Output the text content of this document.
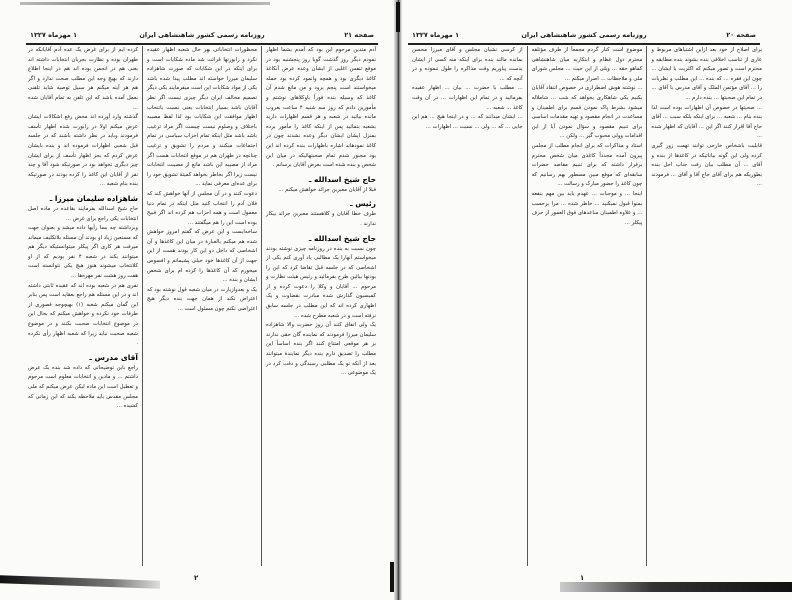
صفحه ۲۱
روزنامه رسمی کشور شاهنشاهی ایران
۱ مهرماه ۱۳۲۷

آدم متدین مرحوم این بود که آمدم بشما اظهار نمودم دیگر روز گذشت گویا روز پنجشنبه بود در موقع تنفس اغلبی از ایشان وعده عرض آنکاغذ کاغذ دیگری بود و همچه وانمود کرده بود حمله میخواستند است پنجم برود و من مانع شدم آن کاغذ که وسیله بنده فوراً باوکلاهای نوشتم و مأمورین دادم که روز سه شنبه ۴ ساعت بغروب مانده بیائید در شعبه و هر قسم اظهارات دارید بشعبه بنمائید پس از اینکه کاغذ را مأمور برده بمنزل ایشان ایشان دیگر وعده نشدند چون در کاغذ نمودهاند اشاره باظهارات بنده کرده اند این بود مجبور شدم تمام صحبتهائیکه در میان این شخص و بنده شده است بعرض آقایان برسانم .

حاج شیخ اسدالله ـ

قبلا از آقایان معبرین جرائد خواهش میکنم ...

رئیس ـ

طرف خطا آقایان و کلاهستند معبرین جرائد بیکار ندارند .

حاج شیخ اسدالله ـ

چون نسبت به بنده در روزنامه چیزی نوشته بودند میخواستم آنهارا یک مطالبی یاد آوری کنم یکی از اشخاصی که در جلسه قبل تقاضا کرد که این را بودنها بیائین طرح بفرمائید و رئیس هیئت نظارت و مرحوم ... آقایان و وکلا را دعوت کرده و از کمیسیون گذارش شده مبادرت بقضاوت و یک اظهاری کرده اند که این مطلب در جلسه سابق نرفته است و در شعبه مطرح شده ...

یک ولی اتفاق کنند آن روز حضرت والا شاهزاده سلیمان میرزا فرمودند که نماینده گان حقی ندارند بر هر موقعی امتناع کنند اگر بنده اساساً این مطلب را تصدیق دارم بنده دیگر نمایندهٔ میتوانند بعد از آنکه نو یک مطلبی رسیدگی و دقت کرد در یک موضوعی ...

محظورات انتخاباتی بهر حال شعبه اظهار عقیده نکرد و رابورتها قرائت شد ماده شکایات است و برای اینکه در این شکایات که صورت شاهزاده سلیمان میرزا خواسته اند مطلب پیدا شده باشد یکی از مواد شکایات این است میفرمایند یکی دیگر تصمیم مخالف ایران دیگر چیزی نیست اگر نظر آقایان باشد بسیار انتخابات یعنی نسبت بانتخاب اظهار موافقت این شکایات بود لذا لفظ مصیبه باختلاف و وصلوم نیست چیست اگر مراد ترغیب باشد باشد مثل اینکه تمام احزاب سیاسی در تمام اجتماعات میکنند و مردم را تشویق و ترغیب چنانچه در طهران هم در موقع انتخابات هست اگر مراد از مصیبه این باشد مانع از مصیبت انتخابات نیست زیرا اگر بخاطر بخواهد کمیتهٔ تشویق خود را برای عده‌ای معرفی نماید ...

دعوت کنند و در آن مجلس از آنها خواهش کند که فلان آدم را انتخاب کنید مثل اینکه در تمام دنیا معمول است و همه احزاب هم کرده اند اگر قبیح بوده است این را هم میگفتند ...

ساخه‌ایست و این عرض که گفتم امروز خواهش شده هم میکنم بالعبارة در میان این کاغذها و آن اشخاصی که داخل دو این کار بودند هست از این جهت از آن کاغذها خود خیلی پشیمانم و افسوس میخورم که آن کاغذها را کرده ام برای شخص ایشان و بنده ...

یک و بعدوازیارت در میان شعبه قول نوشته بود که اعتراض نکند از همان جهت بنده دیگر هیچ اعتراضی نکنم چون مسئول است ...

کرده ایم از برای غرض یک عده آدم آقایانکه در طهران بوده و نظارت بجریان انتخابات داشته اند یعنی هم در انجمن بوده اند هم در اینجا اطلاع دارند که بهیچ وجه این مطلب صحت ندارد و اگر هم هر آینه میکنم هر سبیل توصیه شاید تلفنی بعمل آمده باشد که این تلفن به تمام آقایان شده ...

گذشته وارد آورده اند محض رفع اشکالات ایشان عرض میکنم اولا در رابورت شده اظهار تأسف فرمودند وباید در نظر داشته باشند که در جلسه قبل شعبی اظهارات فرموده اند و بنده بایشان عرض کردم که بجز اظهار تأسف از برای ایشان چیز دیگری نخواهد بود در صورتیکه شود آقا و چند نفر از آقایان این کاغذ را کرده بودند در صورتیکه بنده بنام شعبه ...

شاهزاده سلیمان میرزا ـ

حاج شیخ اسدالله بفرمایند بقاعده در ماده اصل انتخابات یکی راجع برای غرض ...

وبرداشته چه بسا رأیها داده میشد و بعنوان جهت که مستعین زیاد او بودند آن مسئله بلاتکلیف میماند میرفت هر کاری اگر پیکلر میتوانستیکه دیگر هم میتوانند بکند در شعبه ۴ نفر بودیم که از او کلانتخاب میشوند هنوز هیچ یکی نتوانسته است هفت روز هشت نفر مهره‌ها ...

نفری هم در شعبه بوده اند که عقیده ثابتی داشته اند و در این مسئله هم راجع بعقاید است پس بنابر این گمان میکنم شعبه (۱) بهیچوجه قصوری از طرفات خود نکرده و خواهش میکنم که بحال این در موضوع انتخابات صحبت بکنند و در موضوع شعبه صحبت نباید زیرا که شعبه اظهار رأی نکرده .

آقای مدرس ـ

راجع باین توضیحاتی که داده شد بنده یک عرض داشتم ... و مادین و انتخابات معلوم است مرحوم و تعطیل است این ماده لیکن عرض میکنم که ملی مجلس مقدس باید ملاحظه بکند که این زمانی که کشیده ...

۲
صفحه ۲۰
روزنامه رسمی کشور شاهنشاهی ایران
۱ مهرماه ۱۳۲۷

برای اصلاح از خود بعد ازاین اشتباهای مربوط و عاری از تناسب اخلاقی بنده بشوند بنده مطابقه و محترم است و تصور میکنم که اکثریت با ایشان ... چون این فقره ... که بنده ... این مطلب و نظریات را ... آقای مؤتمن الملک و آقای مدرس با آقای ... در تمام این صحبتها ... بنده دارم ...

... صحبتها در خصوص آن اظهارات بوده است لذا بنده بنام ... شعبه ... برای اینکه بلکه سبب ... آقای حاج آقا اقرار کنند اگر این ... آقایان که اظهار شده ...

قابلیت باشخاص خارجی توانند تهمت زور گیری کرده ولی این گونه بیاناتیکه در کاغذها از بنده و آقای ... آن مطلب بیان رفت جناب اجل بنده بطوریکه هم برای آقای حاج آقا و آقای ... فرمودند ...

موضوع است کنار گردم مجمعاً از طرف مؤتلفه محترم دول عظام و ابتکاریه میان شاهنشاهی کماهو حقه ... ویلی از این حیث ... مجلس شورای ملی و ملاحظات ... اصرار میکنم ...

... نوشته هوش اضطراری در خصوص انتقاد آقایان بکنیم یکی شاهکاری بخواهد که شب ... شاملاله میشود بشرط پاک نمودن قسم برای اطمینان و مساعدت در انجام مقصود و تهیه مقدمات اساسی برای تنبیم مقصود و سؤال نمودن آیا از این اقدامات وولی محبوب گیر ... ولکن ...

استاد و مذاکرات که برای انجام مطلب از مجلس پیرون آمده مجدداً کاغذی میان شخص محترم برقرار داشته که برای تنبیم مقاصد حضرات سابقه‌ای که موقع مبین مسطور بهم رسانیم که چون کاغذ را حضور مبارک و رسالت ...

اینجا ... و موجبات ... عهدم باید بین مهم بنفعه بمنوا قبول نمیکنید ... خاطر شده ... مرا برحسب ... و علاوه اطمینان ساعدهای فوق العمور از حرف پیکلر ...

از کرسی نشیان مجلس و آقای میرزا محسن بمانده مالند بنده برای اینکه منه کسی از ایشان بدست پیاوریم وقت مذاکره را طول ننموده و در آنچه که ...

... مطلب با حضرت ... بیان ... اظهار عقیده بفرمائید و در تمام این اظهارات ... در آن وقت کاغذ ... شعبه ...

... ایشان میدانند که ... و در اینجا هیچ ... هم این جایی ... که ... ولی ... نسبت ... اظهارات ...

۱
